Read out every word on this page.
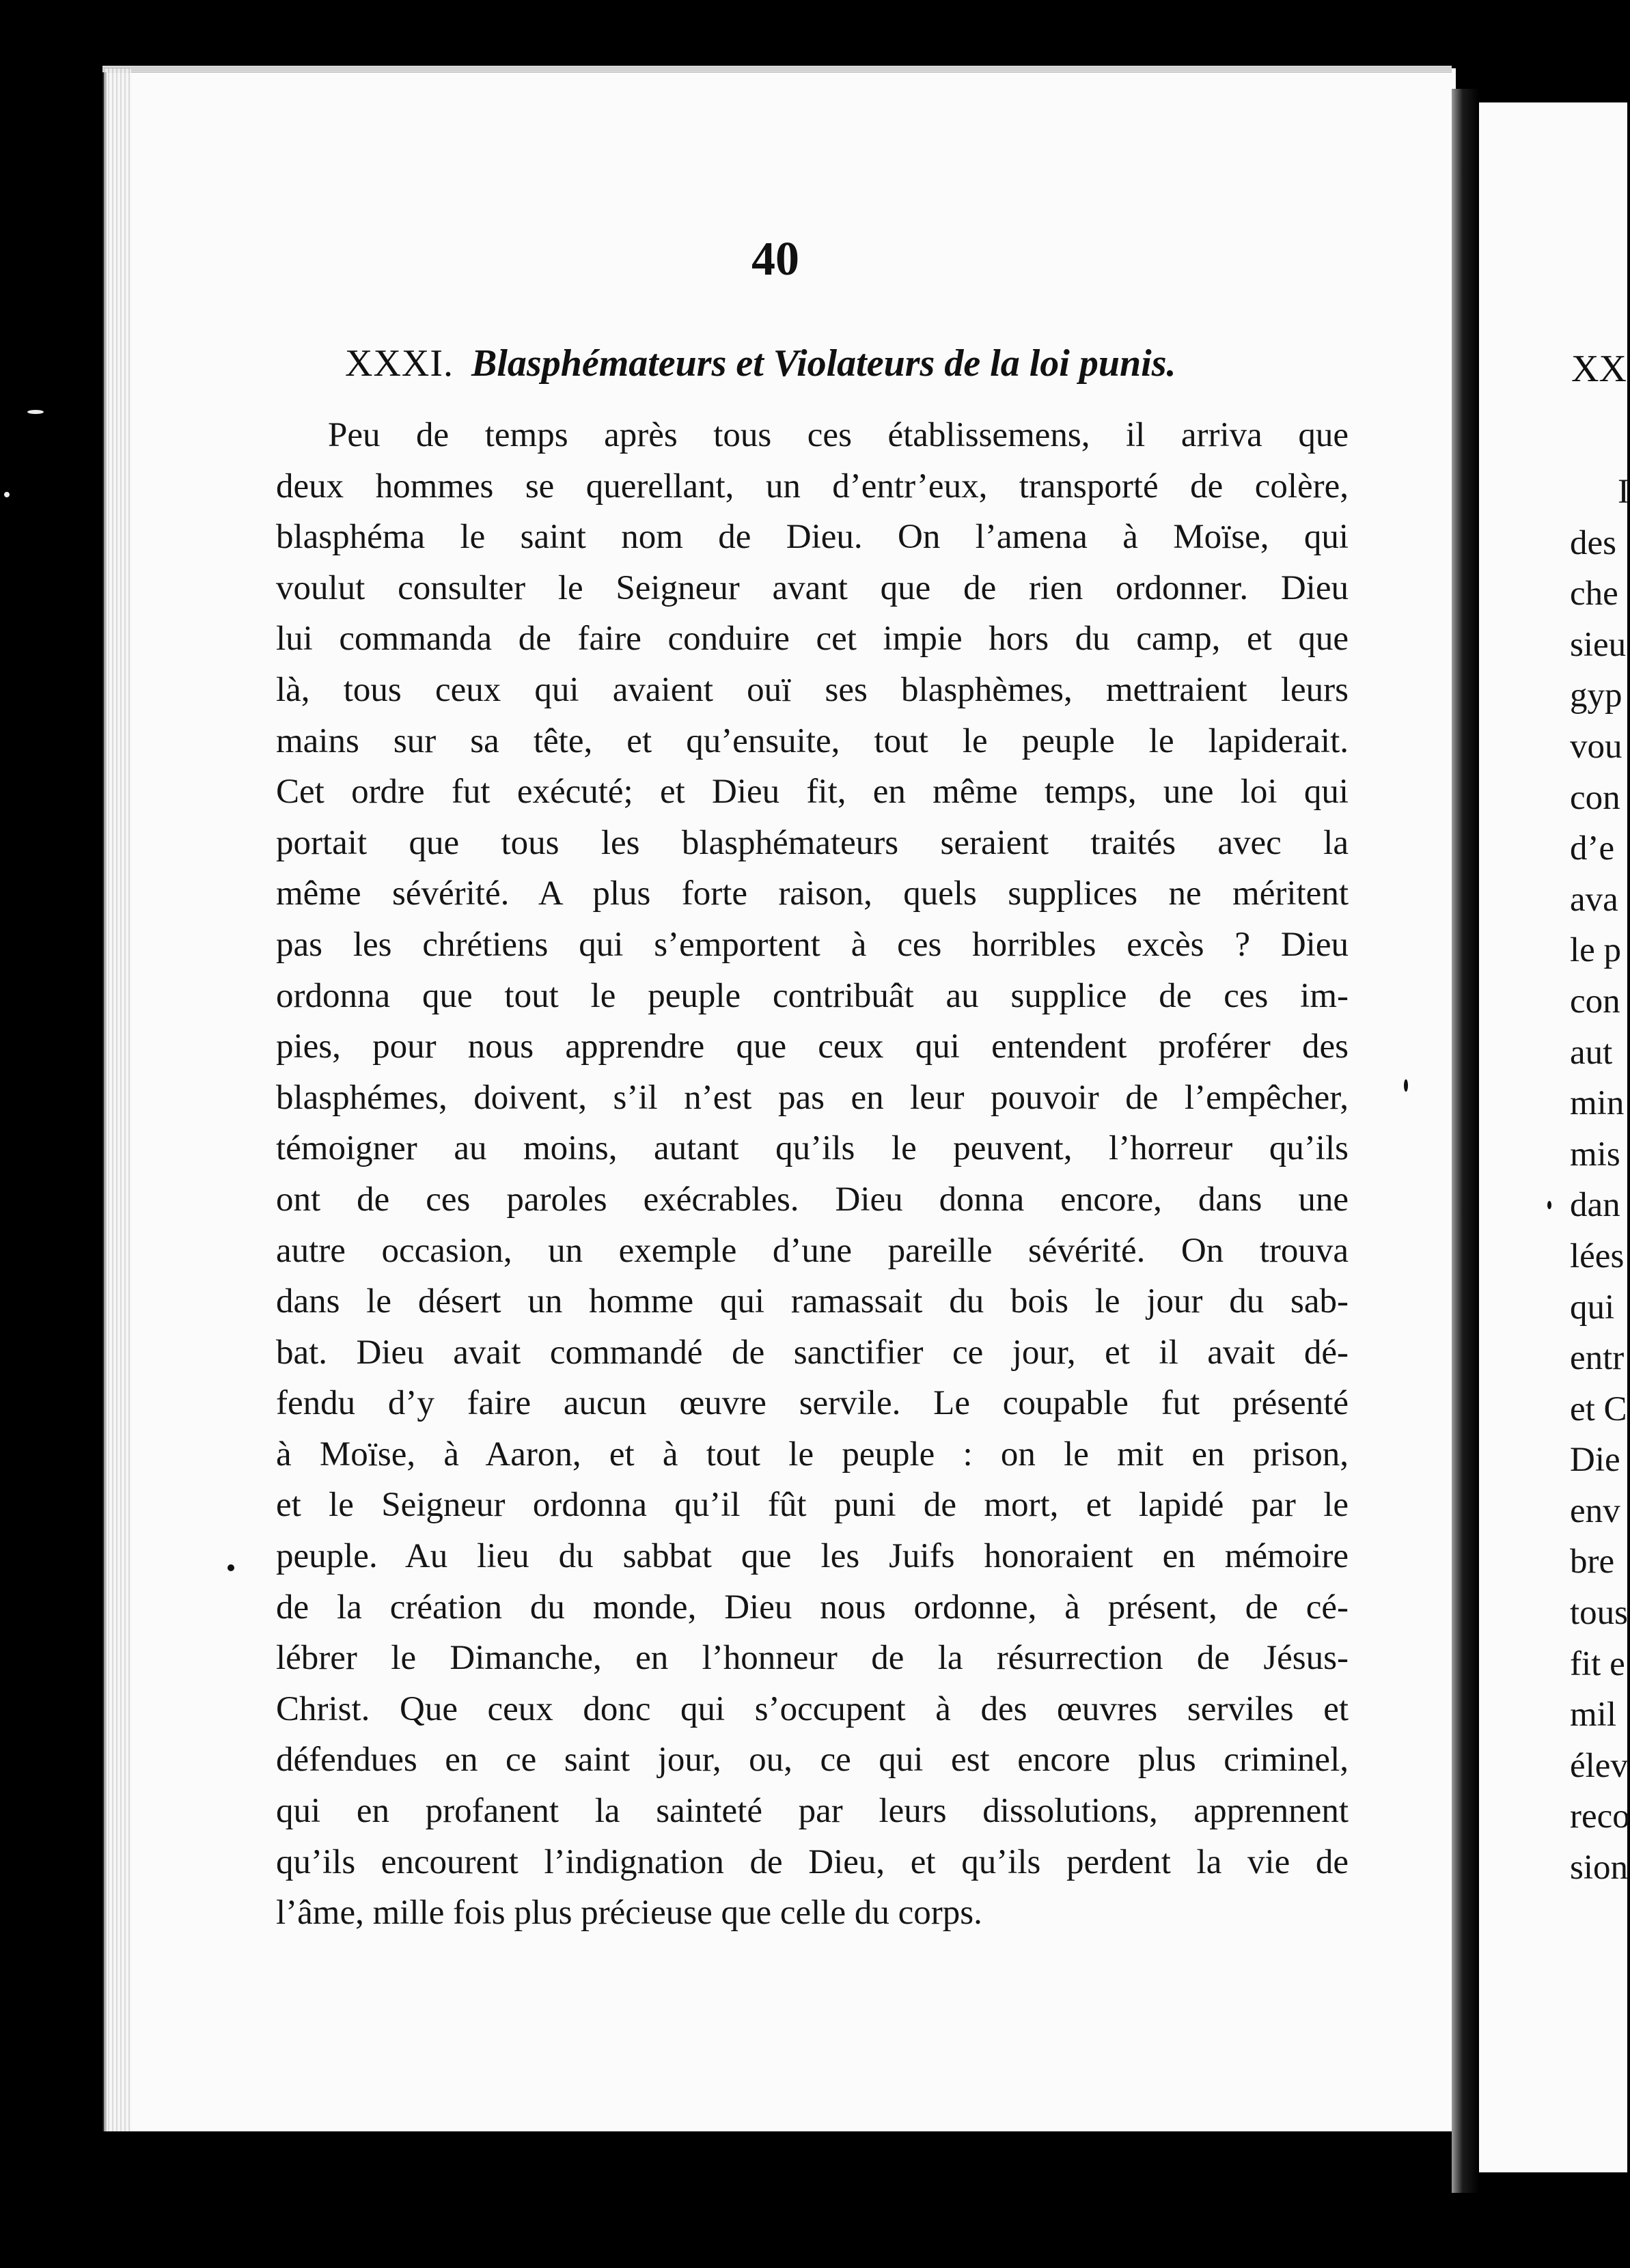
40
XXXI. Blasphémateurs et Violateurs de la loi punis.
Peu de temps après tous ces établissemens, il arriva que
deux hommes se querellant, un d’entr’eux, transporté de colère,
blasphéma le saint nom de Dieu. On l’amena à Moïse, qui
voulut consulter le Seigneur avant que de rien ordonner. Dieu
lui commanda de faire conduire cet impie hors du camp, et que
là, tous ceux qui avaient ouï ses blasphèmes, mettraient leurs
mains sur sa tête, et qu’ensuite, tout le peuple le lapiderait.
Cet ordre fut exécuté; et Dieu fit, en même temps, une loi qui
portait que tous les blasphémateurs seraient traités avec la
même sévérité. A plus forte raison, quels supplices ne méritent
pas les chrétiens qui s’emportent à ces horribles excès ? Dieu
ordonna que tout le peuple contribuât au supplice de ces im-
pies, pour nous apprendre que ceux qui entendent proférer des
blasphémes, doivent, s’il n’est pas en leur pouvoir de l’empêcher,
témoigner au moins, autant qu’ils le peuvent, l’horreur qu’ils
ont de ces paroles exécrables. Dieu donna encore, dans une
autre occasion, un exemple d’une pareille sévérité. On trouva
dans le désert un homme qui ramassait du bois le jour du sab-
bat. Dieu avait commandé de sanctifier ce jour, et il avait dé-
fendu d’y faire aucun œuvre servile. Le coupable fut présenté
à Moïse, à Aaron, et à tout le peuple : on le mit en prison,
et le Seigneur ordonna qu’il fût puni de mort, et lapidé par le
peuple. Au lieu du sabbat que les Juifs honoraient en mémoire
de la création du monde, Dieu nous ordonne, à présent, de cé-
lébrer le Dimanche, en l’honneur de la résurrection de Jésus-
Christ. Que ceux donc qui s’occupent à des œuvres serviles et
défendues en ce saint jour, ou, ce qui est encore plus criminel,
qui en profanent la sainteté par leurs dissolutions, apprennent
qu’ils encourent l’indignation de Dieu, et qu’ils perdent la vie de
l’âme, mille fois plus précieuse que celle du corps.
XX
I
des
che
sieu
gyp
vou
con
d’e
ava
le p
con
aut
min
mis
dan
lées
qui
entr
et C
Die
env
bre
tous
fit e
mil
élev
reco
sion
